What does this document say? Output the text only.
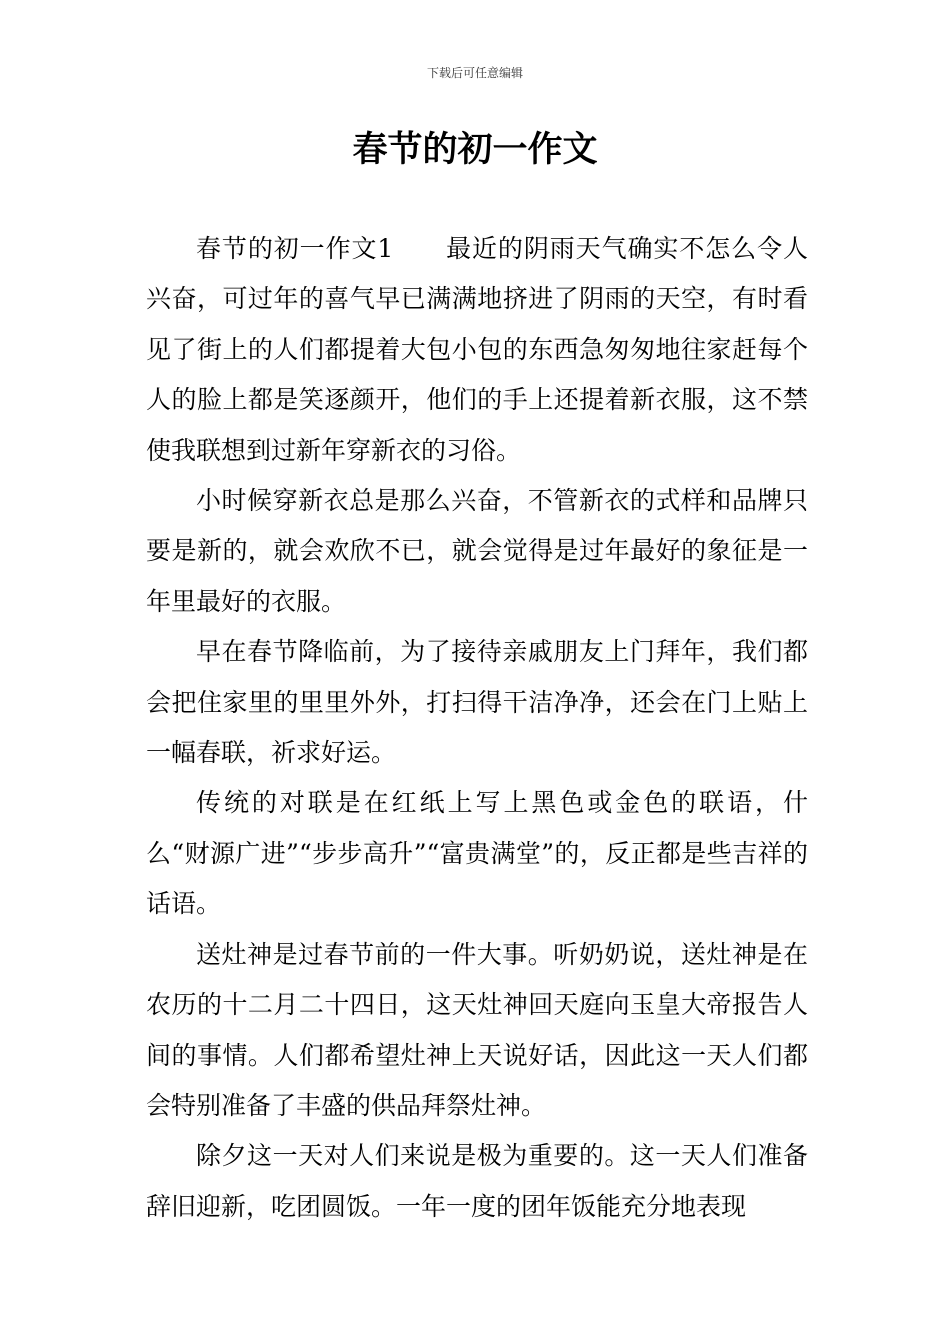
下载后可任意编辑
春节的初一作文

春节的初一作文1　　最近的阴雨天气确实不怎么令人兴奋，可过年的喜气早已满满地挤进了阴雨的天空，有时看见了街上的人们都提着大包小包的东西急匆匆地往家赶每个人的脸上都是笑逐颜开，他们的手上还提着新衣服，这不禁使我联想到过新年穿新衣的习俗。

小时候穿新衣总是那么兴奋，不管新衣的式样和品牌只要是新的，就会欢欣不已，就会觉得是过年最好的象征是一年里最好的衣服。

早在春节降临前，为了接待亲戚朋友上门拜年，我们都会把住家里的里里外外，打扫得干洁净净，还会在门上贴上一幅春联，祈求好运。

传统的对联是在红纸上写上黑色或金色的联语，什么“财源广进”“步步高升”“富贵满堂”的，反正都是些吉祥的话语。

送灶神是过春节前的一件大事。听奶奶说，送灶神是在农历的十二月二十四日，这天灶神回天庭向玉皇大帝报告人间的事情。人们都希望灶神上天说好话，因此这一天人们都会特别准备了丰盛的供品拜祭灶神。

除夕这一天对人们来说是极为重要的。这一天人们准备辞旧迎新，吃团圆饭。一年一度的团年饭能充分地表现
